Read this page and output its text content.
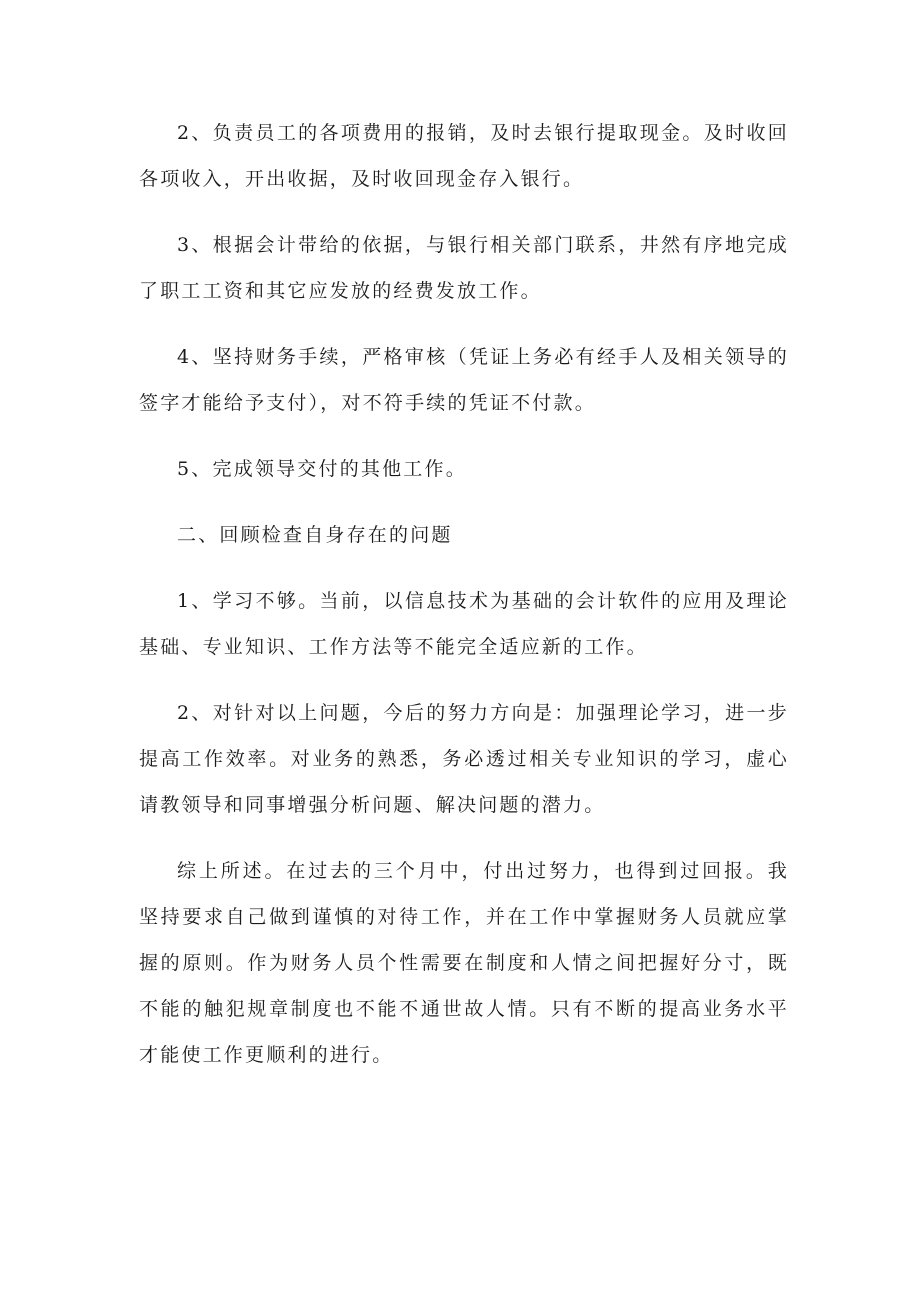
2、负责员工的各项费用的报销，及时去银行提取现金。及时收回各项收入，开出收据，及时收回现金存入银行。

3、根据会计带给的依据，与银行相关部门联系，井然有序地完成了职工工资和其它应发放的经费发放工作。

4、坚持财务手续，严格审核（凭证上务必有经手人及相关领导的签字才能给予支付），对不符手续的凭证不付款。

5、完成领导交付的其他工作。

二、回顾检查自身存在的问题

1、学习不够。当前，以信息技术为基础的会计软件的应用及理论基础、专业知识、工作方法等不能完全适应新的工作。

2、对针对以上问题，今后的努力方向是：加强理论学习，进一步提高工作效率。对业务的熟悉，务必透过相关专业知识的学习，虚心请教领导和同事增强分析问题、解决问题的潜力。

综上所述。在过去的三个月中，付出过努力，也得到过回报。我坚持要求自己做到谨慎的对待工作，并在工作中掌握财务人员就应掌握的原则。作为财务人员个性需要在制度和人情之间把握好分寸，既不能的触犯规章制度也不能不通世故人情。只有不断的提高业务水平才能使工作更顺利的进行。
